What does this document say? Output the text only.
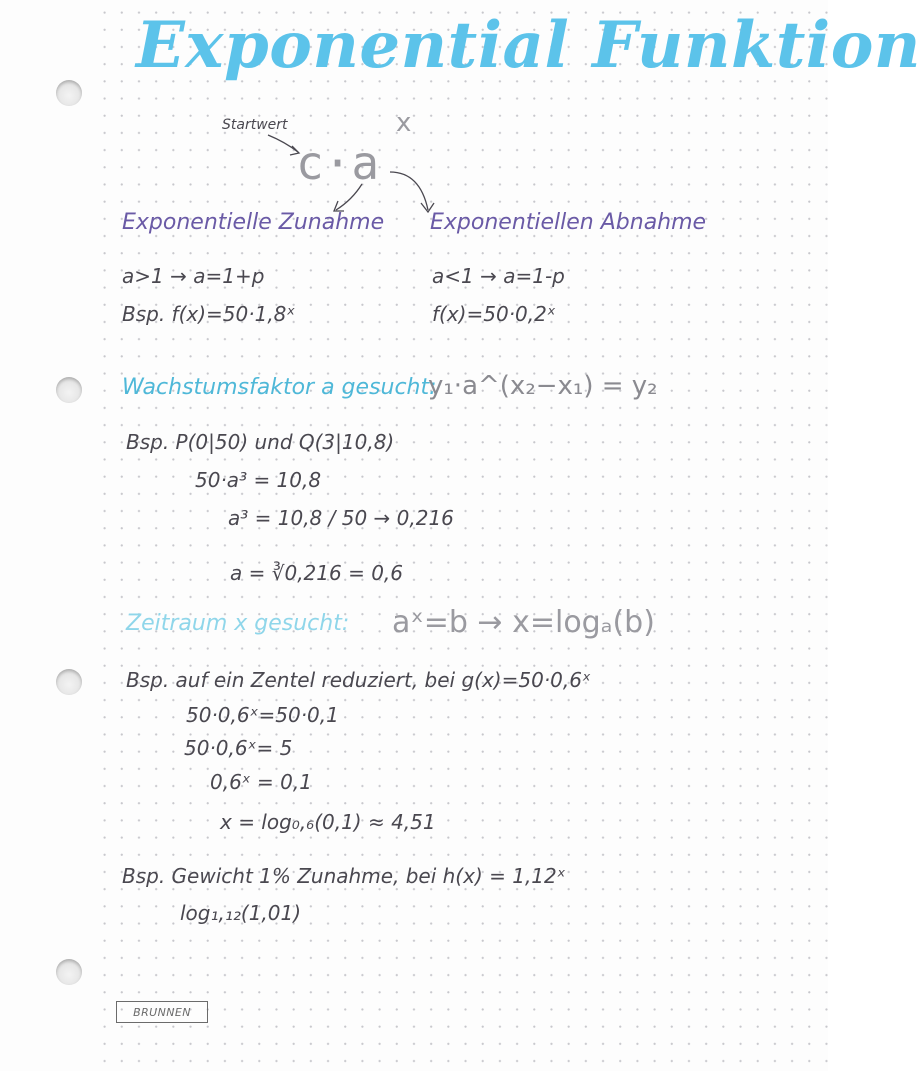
Exponential Funktion
Startwert
c·a
x
Exponentielle Zunahme Exponentiellen Abnahme
a>1 → a=1+p	a<1 → a=1-p
Bsp. f(x)=50·1,8ˣ	f(x)=50·0,2ˣ
Wachstumsfaktor a gesucht:
y₁·a^(x₂−x₁) = y₂
Bsp. P(0|50) und Q(3|10,8)
50·a³ = 10,8
a³ = 10,8 / 50 → 0,216
a = ∛0,216 = 0,6
Zeitraum x gesucht: aˣ=b → x=logₐ(b)
Bsp. auf ein Zentel reduziert, bei g(x)=50·0,6ˣ
50·0,6ˣ=50·0,1
50·0,6ˣ= 5
0,6ˣ = 0,1
x = log₀,₆(0,1) ≈ 4,51
Bsp. Gewicht 1% Zunahme, bei h(x) = 1,12ˣ
log₁,₁₂(1,01)
BRUNNEN
